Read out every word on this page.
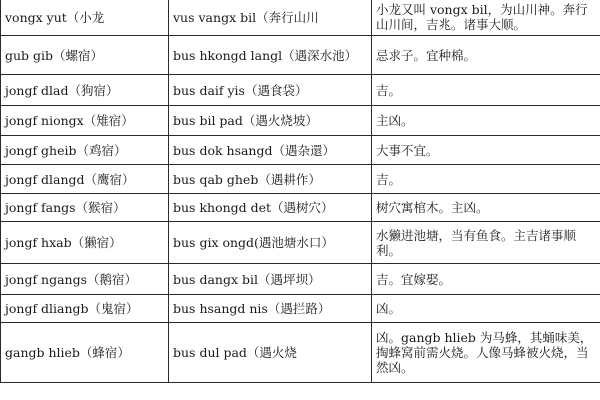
vongx yut（小龙	vus vangx bil（奔行山川	小龙又叫 vongx bil，为山川神。奔行山川间，吉兆。诸事大顺。
gub gib（螺宿）	bus hkongd langl（遇深水池）	忌求子。宜种棉。
jongf dlad（狗宿）	bus daif yis（遇食袋）	吉。
jongf niongx（雉宿）	bus bil pad（遇火烧坡）	主凶。
jongf gheib（鸡宿）	bus dok hsangd（遇杂還）	大事不宜。
jongf dlangd（鹰宿）	bus qab gheb（遇耕作）	吉。
jongf fangs（猴宿）	bus khongd det（遇树穴）	树穴寓棺木。主凶。
jongf hxab（獭宿）	bus gix ongd(遇池塘水口）	水獭进池塘，当有鱼食。主吉诸事顺利。
jongf ngangs（鹅宿）	bus dangx bil（遇坪坝）	吉。宜嫁娶。
jongf dliangb（鬼宿）	bus hsangd nis（遇拦路）	凶。
gangb hlieb（蜂宿）	bus dul pad（遇火烧	凶。gangb hlieb 为马蜂，其蛹味美，掏蜂窝前需火烧。人像马蜂被火烧，当然凶。
